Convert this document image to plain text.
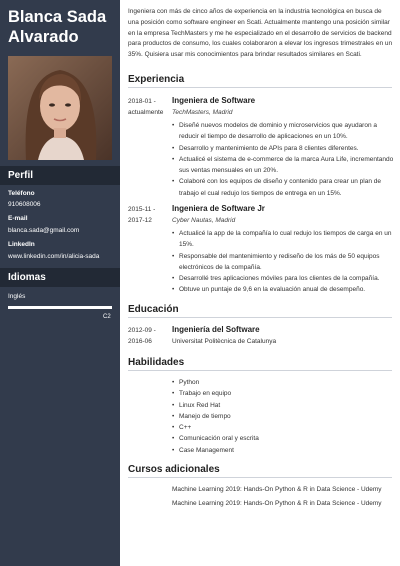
Blanca Sada Alvarado
Perfil
Teléfono
910608006
E-mail
blanca.sada@gmail.com
LinkedIn
www.linkedin.com/in/alicia-sada
Idiomas
Inglés
C2
Ingeniera con más de cinco años de experiencia en la industria tecnológica en busca de una posición como software engineer en Scati. Actualmente mantengo una posición similar en la empresa TechMasters y me he especializado en el desarrollo de servicios de backend para productos de consumo, los cuales colaboraron a elevar los ingresos trimestrales en un 35%. Quisiera usar mis conocimientos para brindar resultados similares en Scati.
Experiencia
2018-01 - actualmente
Ingeniera de Software
TechMasters, Madrid
• Diseñé nuevos modelos de dominio y microservicios que ayudaron a reducir el tiempo de desarrollo de aplicaciones en un 10%.
• Desarrollo y mantenimiento de APIs para 8 clientes diferentes.
• Actualicé el sistema de e-commerce de la marca Aura Life, incrementando sus ventas mensuales en un 20%.
• Colaboré con los equipos de diseño y contenido para crear un plan de trabajo el cual redujo los tiempos de entrega en un 15%.
2015-11 - 2017-12
Ingeniera de Software Jr
Cyber Nautas, Madrid
• Actualicé la app de la compañía lo cual redujo los tiempos de carga en un 15%.
• Responsable del mantenimiento y rediseño de los más de 50 equipos electrónicos de la compañía.
• Desarrollé tres aplicaciones móviles para los clientes de la compañía.
• Obtuve un puntaje de 9,6 en la evaluación anual de desempeño.
Educación
2012-09 - 2016-06
Ingeniería del Software
Universitat Politècnica de Catalunya
Habilidades
• Python
• Trabajo en equipo
• Linux Red Hat
• Manejo de tiempo
• C++
• Comunicación oral y escrita
• Case Management
Cursos adicionales
Machine Learning 2019: Hands-On Python & R in Data Science - Udemy
Machine Learning 2019: Hands-On Python & R in Data Science - Udemy
